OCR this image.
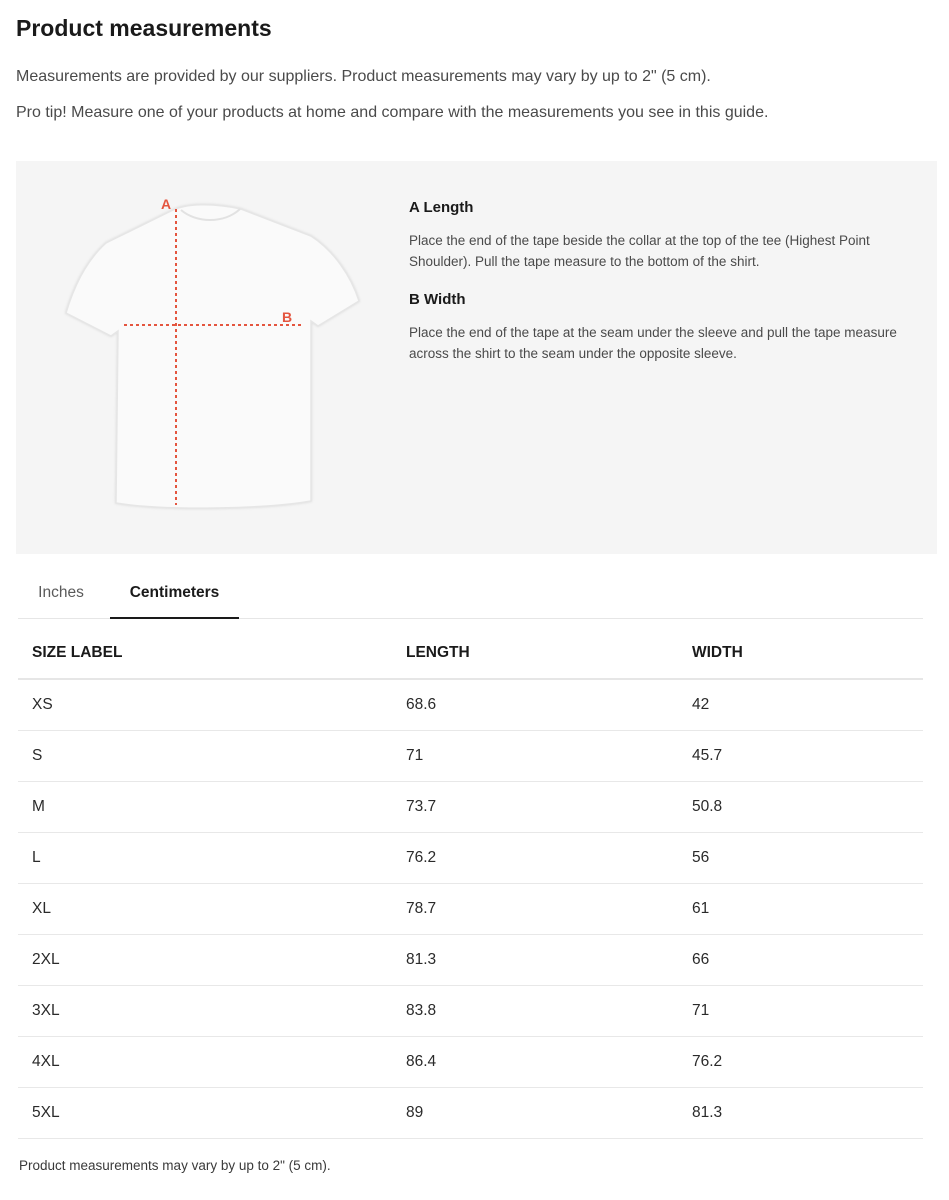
Product measurements

Measurements are provided by our suppliers. Product measurements may vary by up to 2" (5 cm).

Pro tip! Measure one of your products at home and compare with the measurements you see in this guide.

A
B
A Length

Place the end of the tape beside the collar at the top of the tee (Highest Point Shoulder). Pull the tape measure to the bottom of the shirt.

B Width

Place the end of the tape at the seam under the sleeve and pull the tape measure across the shirt to the seam under the opposite sleeve.

Inches	Centimeters
SIZE LABEL	LENGTH	WIDTH
XS	68.6	42
S	71	45.7
M	73.7	50.8
L	76.2	56
XL	78.7	61
2XL	81.3	66
3XL	83.8	71
4XL	86.4	76.2
5XL	89	81.3

Product measurements may vary by up to 2" (5 cm).
